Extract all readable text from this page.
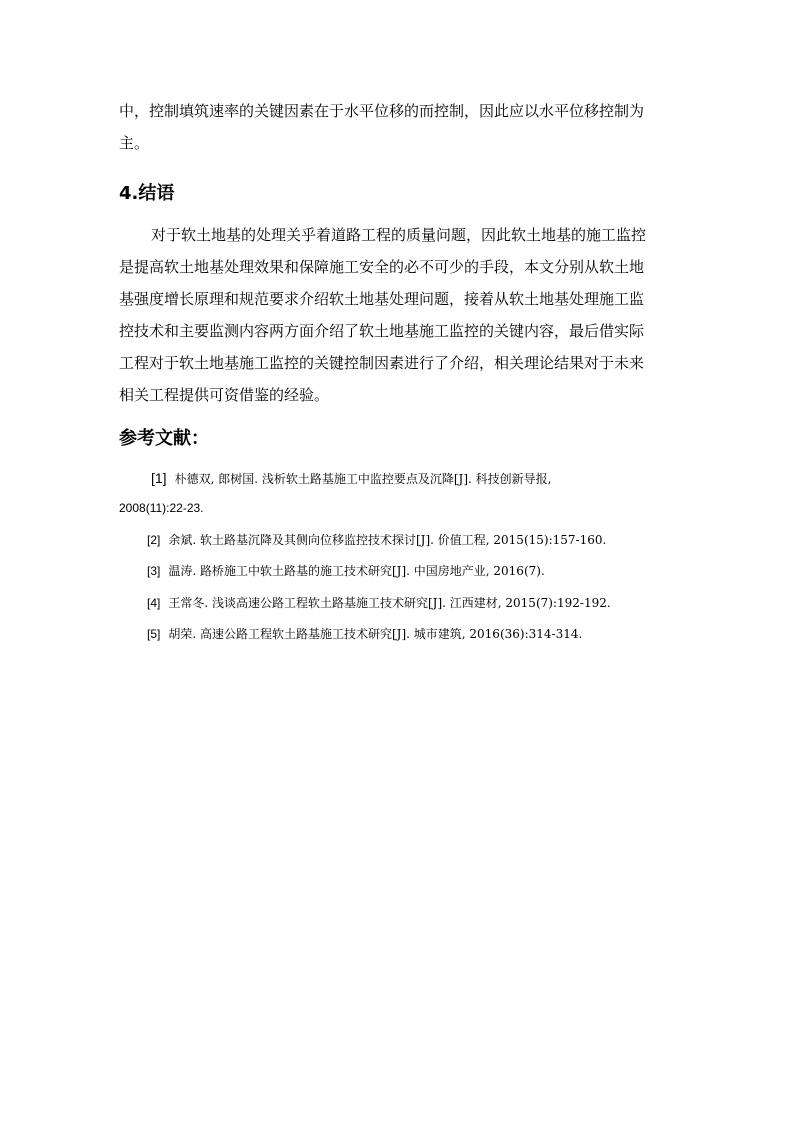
中，控制填筑速率的关键因素在于水平位移的而控制，因此应以水平位移控制为
主。
4.结语
对于软土地基的处理关乎着道路工程的质量问题，因此软土地基的施工监控
是提高软土地基处理效果和保障施工安全的必不可少的手段，本文分别从软土地
基强度增长原理和规范要求介绍软土地基处理问题，接着从软土地基处理施工监
控技术和主要监测内容两方面介绍了软土地基施工监控的关键内容，最后借实际
工程对于软土地基施工监控的关键控制因素进行了介绍，相关理论结果对于未来
相关工程提供可资借鉴的经验。
参考文献：
[1] 朴德双, 郎树国. 浅析软土路基施工中监控要点及沉降[J]. 科技创新导报,
2008(11):22-23.
[2] 余斌. 软土路基沉降及其侧向位移监控技术探讨[J]. 价值工程, 2015(15):157-160.
[3] 温涛. 路桥施工中软土路基的施工技术研究[J]. 中国房地产业, 2016(7).
[4] 王常冬. 浅谈高速公路工程软土路基施工技术研究[J]. 江西建材, 2015(7):192-192.
[5] 胡荣. 高速公路工程软土路基施工技术研究[J]. 城市建筑, 2016(36):314-314.
